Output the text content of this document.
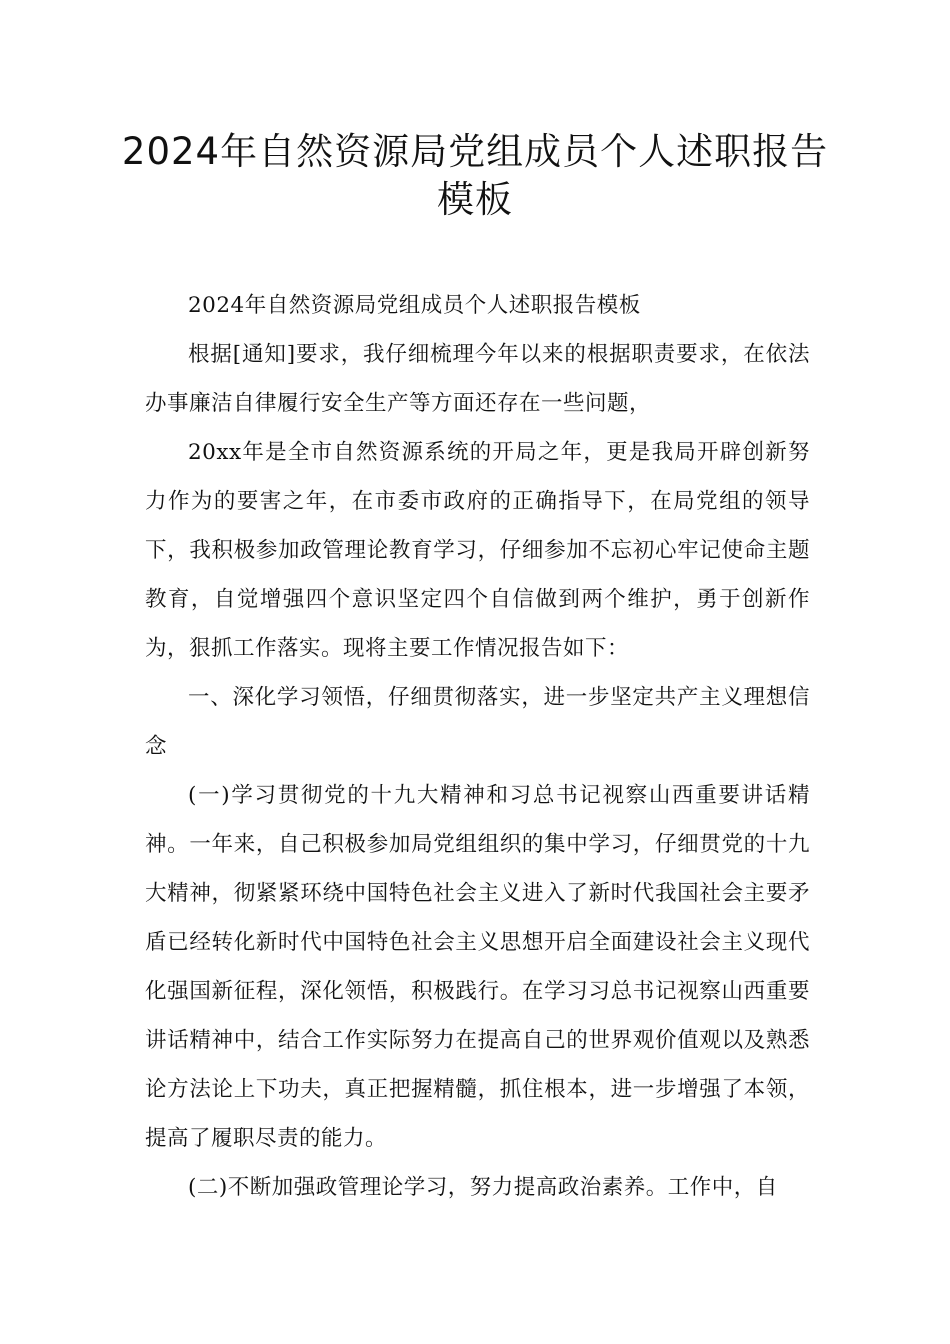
2024年自然资源局党组成员个人述职报告模板

2024年自然资源局党组成员个人述职报告模板

根据[通知]要求，我仔细梳理今年以来的根据职责要求，在依法办事廉洁自律履行安全生产等方面还存在一些问题，

20xx年是全市自然资源系统的开局之年，更是我局开辟创新努力作为的要害之年，在市委市政府的正确指导下，在局党组的领导下，我积极参加政管理论教育学习，仔细参加不忘初心牢记使命主题教育，自觉增强四个意识坚定四个自信做到两个维护，勇于创新作为，狠抓工作落实。现将主要工作情况报告如下：

一、深化学习领悟，仔细贯彻落实，进一步坚定共产主义理想信念

(一)学习贯彻党的十九大精神和习总书记视察山西重要讲话精神。一年来，自己积极参加局党组组织的集中学习，仔细贯党的十九大精神，彻紧紧环绕中国特色社会主义进入了新时代我国社会主要矛盾已经转化新时代中国特色社会主义思想开启全面建设社会主义现代化强国新征程，深化领悟，积极践行。在学习习总书记视察山西重要讲话精神中，结合工作实际努力在提高自己的世界观价值观以及熟悉论方法论上下功夫，真正把握精髓，抓住根本，进一步增强了本领，提高了履职尽责的能力。

(二)不断加强政管理论学习，努力提高政治素养。工作中，自
